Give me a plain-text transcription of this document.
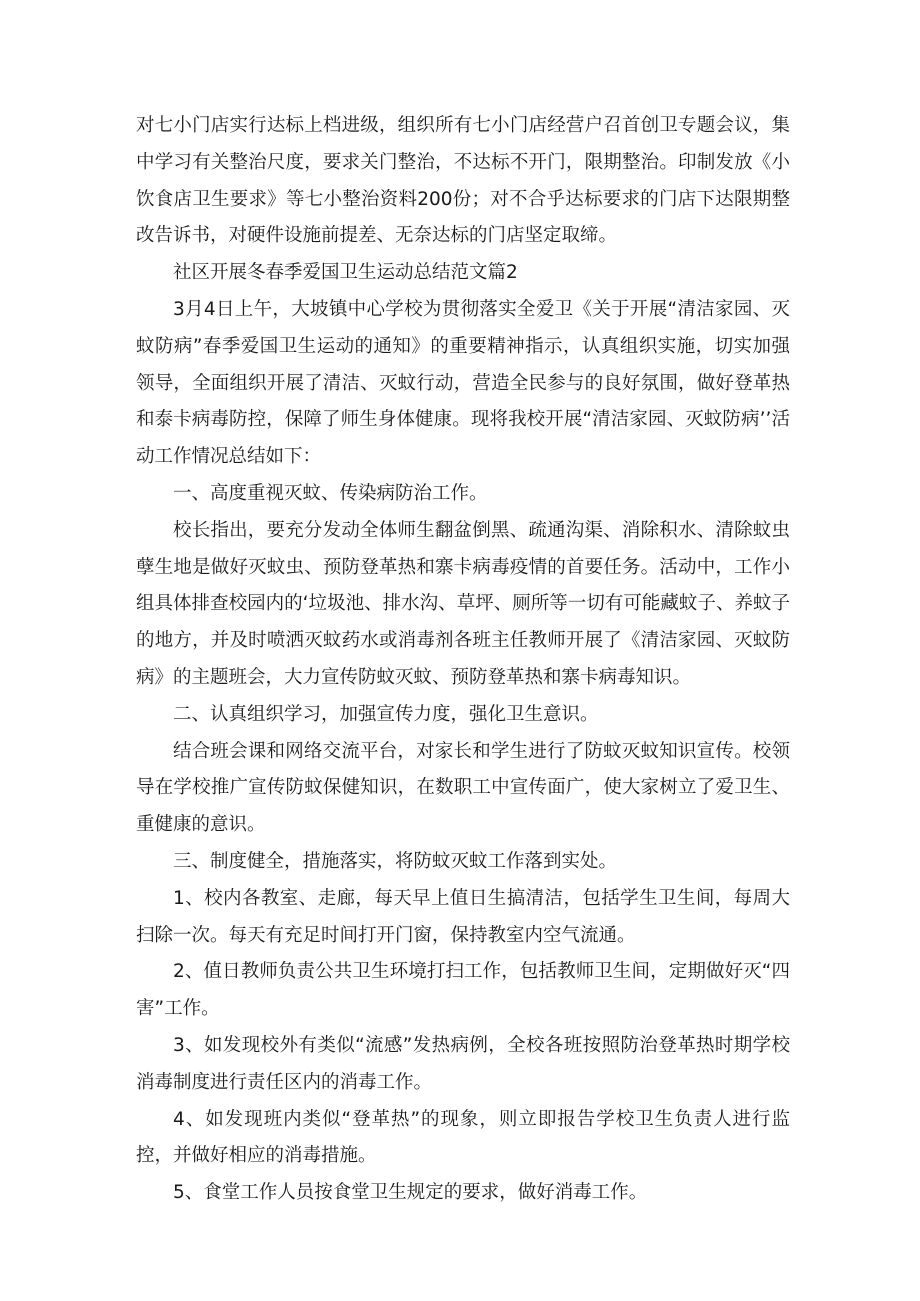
对七小门店实行达标上档进级，组织所有七小门店经营户召首创卫专题会议，集中学习有关整治尺度，要求关门整治，不达标不开门，限期整治。印制发放《小饮食店卫生要求》等七小整治资料200份；对不合乎达标要求的门店下达限期整改告诉书，对硬件设施前提差、无奈达标的门店坚定取缔。

社区开展冬春季爱国卫生运动总结范文篇2

3月4日上午，大坡镇中心学校为贯彻落实全爱卫《关于开展“清洁家园、灭蚊防病”春季爱国卫生运动的通知》的重要精神指示，认真组织实施，切实加强领导，全面组织开展了清洁、灭蚊行动，营造全民参与的良好氛围，做好登革热和泰卡病毒防控，保障了师生身体健康。现将我校开展“清洁家园、灭蚊防病’’活动工作情况总结如下：

一、高度重视灭蚊、传染病防治工作。

校长指出，要充分发动全体师生翻盆倒黑、疏通沟渠、消除积水、清除蚊虫孽生地是做好灭蚊虫、预防登革热和寨卡病毒疫情的首要任务。活动中，工作小组具体排查校园内的‘垃圾池、排水沟、草坪、厕所等一切有可能藏蚊子、养蚊子的地方，并及时喷洒灭蚊药水或消毒剂各班主任教师开展了《清洁家园、灭蚊防病》的主题班会，大力宣传防蚊灭蚊、预防登革热和寨卡病毒知识。

二、认真组织学习，加强宣传力度，强化卫生意识。

结合班会课和网络交流平台，对家长和学生进行了防蚊灭蚊知识宣传。校领导在学校推广宣传防蚊保健知识，在数职工中宣传面广，使大家树立了爱卫生、重健康的意识。

三、制度健全，措施落实，将防蚊灭蚊工作落到实处。

1、校内各教室、走廊，每天早上值日生搞清洁，包括学生卫生间，每周大扫除一次。每天有充足时间打开门窗，保持教室内空气流通。

2、值日教师负责公共卫生环境打扫工作，包括教师卫生间，定期做好灭“四害”工作。

3、如发现校外有类似“流感”发热病例，全校各班按照防治登革热时期学校消毒制度进行责任区内的消毒工作。

4、如发现班内类似“登革热”的现象，则立即报告学校卫生负责人进行监控，并做好相应的消毒措施。

5、食堂工作人员按食堂卫生规定的要求，做好消毒工作。
